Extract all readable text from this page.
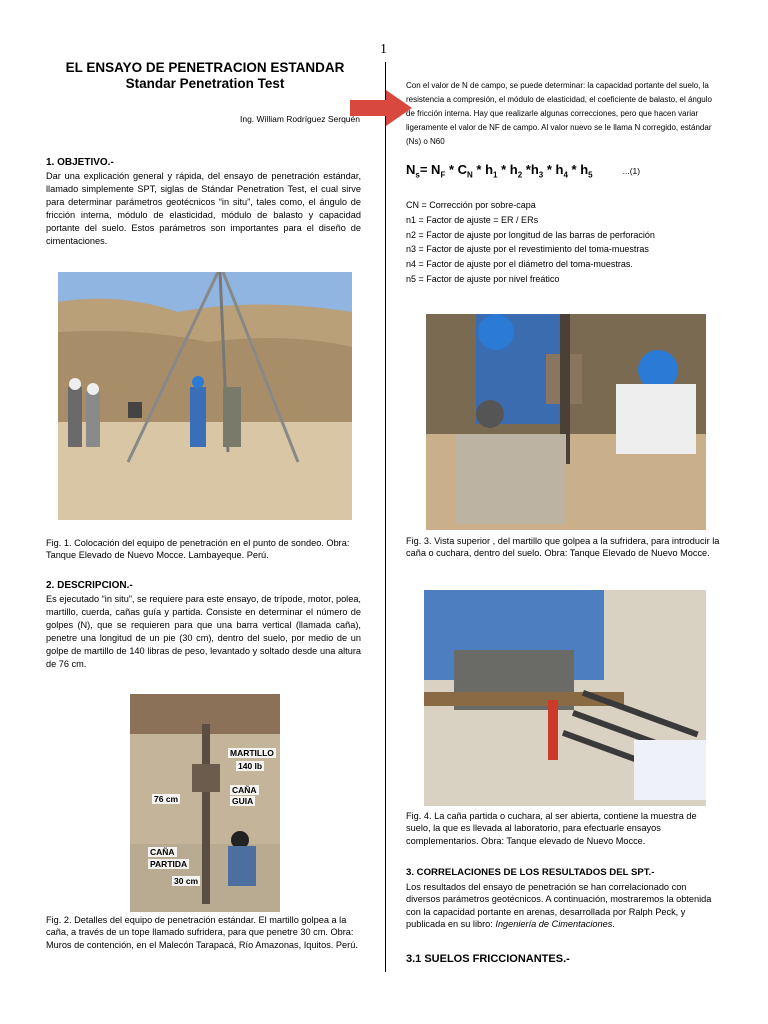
1
EL ENSAYO DE PENETRACION ESTANDAR
Standar Penetration Test
Ing. William Rodríguez Serquén
1. OBJETIVO.-
Dar una explicación general y rápida, del ensayo de penetración estándar, llamado simplemente SPT, siglas de Stándar Penetration Test, el cual sirve para determinar parámetros geotécnicos “in situ”, tales como, el ángulo de fricción interna, módulo de elasticidad, módulo de balasto y capacidad portante del suelo. Estos parámetros son importantes para el diseño de cimentaciones.
Fig. 1. Colocación del equipo de penetración en el punto de sondeo. Obra: Tanque Elevado de Nuevo Mocce. Lambayeque. Perú.
2. DESCRIPCION.-
Es ejecutado “in situ”, se requiere para este ensayo, de trípode, motor, polea, martillo, cuerda, cañas guía y partida. Consiste en determinar el número de golpes (N), que se requieren para que una barra vertical (llamada caña), penetre una longitud de un pie (30 cm), dentro del suelo, por medio de un golpe de martillo de 140 libras de peso, levantado y soltado desde una altura de 76 cm.
MARTILLO
140 lb
CAÑA
GUIA
76 cm
CAÑA
PARTIDA
30 cm
Fig. 2. Detalles del equipo de penetración estándar. El martillo golpea a la caña, a través de un tope llamado sufridera, para que penetre 30 cm. Obra: Muros de contención, en el Malecón Tarapacá, Río Amazonas, Iquitos. Perú.
Con el valor de N de campo, se puede determinar: la capacidad portante del suelo, la resistencia a compresión, el módulo de elasticidad, el coeficiente de balasto, el ángulo de fricción interna. Hay que realizarle algunas correcciones, pero que hacen variar ligeramente el valor de NF de campo. Al valor nuevo se le llama N corregido, estándar (Ns) o N60
$N_s= N_F * C_N * h_1 * h_2$ $*h_3 * h_4 * h_5$	...(1)
CN = Corrección por sobre-capa
n1 = Factor de ajuste = ER / ERs
n2 = Factor de ajuste por longitud de las barras de perforación
n3 = Factor de ajuste por el revestimiento del toma-muestras
n4 = Factor de ajuste por el diámetro del toma-muestras.
n5 = Factor de ajuste por nivel freático
Fig. 3. Vista superior , del martillo que golpea a la sufridera, para introducir la caña o cuchara, dentro del suelo. Obra: Tanque Elevado de Nuevo Mocce.
Fig. 4. La caña partida o cuchara, al ser abierta, contiene la muestra de suelo, la que es llevada al laboratorio, para efectuarle ensayos complementarios. Obra: Tanque elevado de Nuevo Mocce.
3. CORRELACIONES DE LOS RESULTADOS DEL SPT.-
Los resultados del ensayo de penetración se han correlacionado con diversos parámetros geotécnicos. A continuación, mostraremos la obtenida con la capacidad portante en arenas, desarrollada por Ralph Peck, y publicada en su libro: Ingeniería de Cimentaciones.
3.1 SUELOS FRICCIONANTES.-
